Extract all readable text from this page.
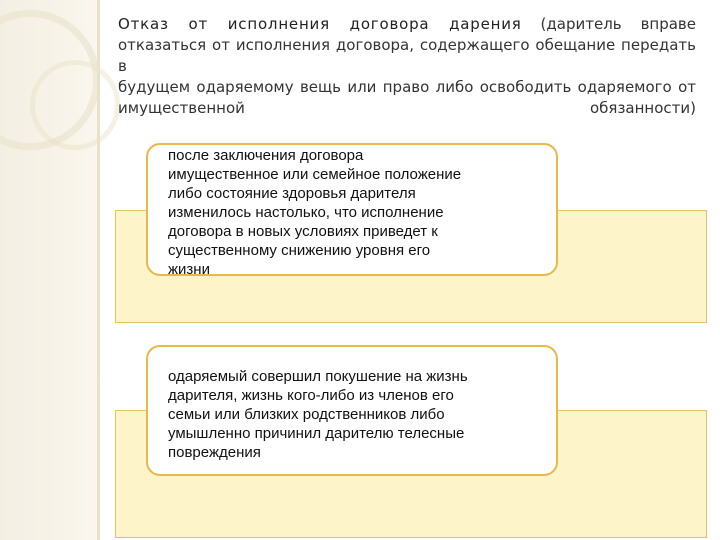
Отказ от исполнения договора дарения (даритель вправе
отказаться от исполнения договора, содержащего обещание передать в
будущем одаряемому вещь или право либо освободить одаряемого от
имущественной	обязанности)
после заключения договора
имущественное или семейное положение
либо состояние здоровья дарителя
изменилось настолько, что исполнение
договора в новых условиях приведет к
существенному снижению уровня его
жизни
одаряемый совершил покушение на жизнь
дарителя, жизнь кого-либо из членов его
семьи или близких родственников либо
умышленно причинил дарителю телесные
повреждения
